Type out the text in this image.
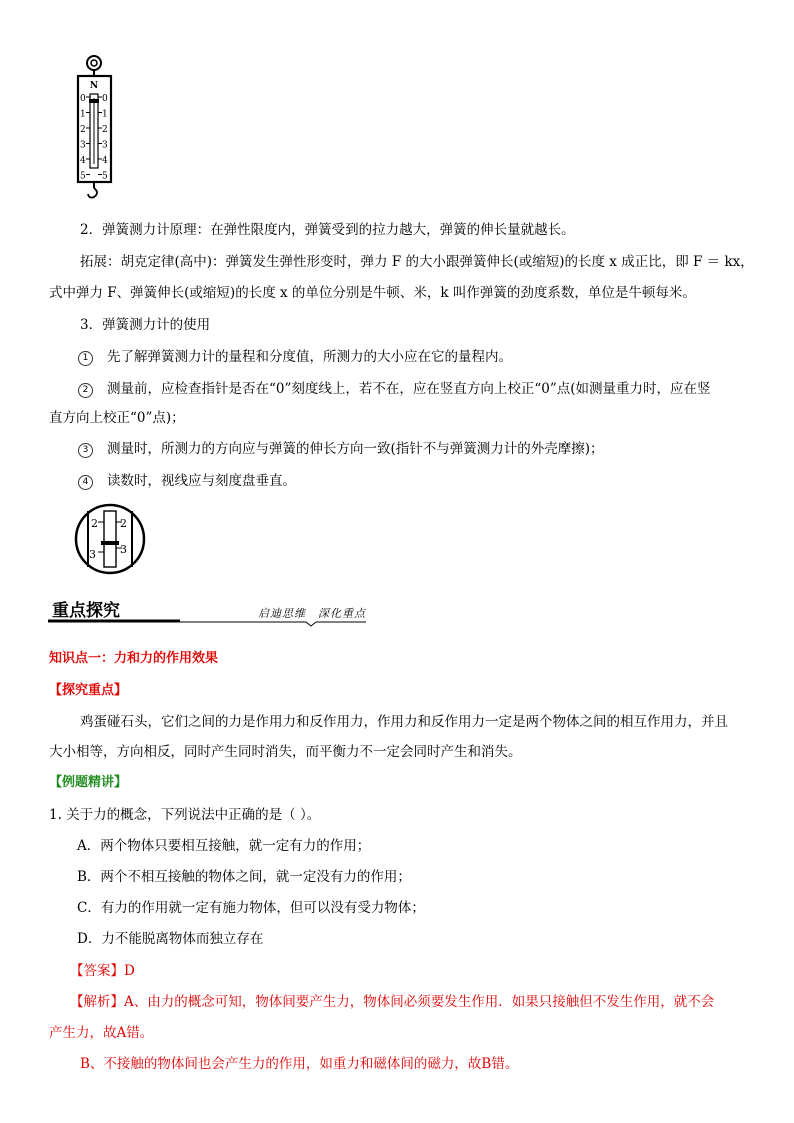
N
0 0
1 1
2 2
3 3
4 4
5 5
2．弹簧测力计原理：在弹性限度内，弹簧受到的拉力越大，弹簧的伸长量就越长。
拓展：胡克定律(高中)：弹簧发生弹性形变时，弹力 F 的大小跟弹簧伸长(或缩短)的长度 x 成正比，即 F ＝ kx，
式中弹力 F、弹簧伸长(或缩短)的长度 x 的单位分别是牛顿、米，k 叫作弹簧的劲度系数，单位是牛顿每米。
3．弹簧测力计的使用
1 先了解弹簧测力计的量程和分度值，所测力的大小应在它的量程内。
2 测量前，应检查指针是否在“0”刻度线上，若不在，应在竖直方向上校正“0”点(如测量重力时，应在竖
直方向上校正“0”点)；
3 测量时，所测力的方向应与弹簧的伸长方向一致(指针不与弹簧测力计的外壳摩擦)；
4 读数时，视线应与刻度盘垂直。
2
3
2
3
重点探究	启迪思维 深化重点
知识点一：力和力的作用效果
【探究重点】
鸡蛋碰石头，它们之间的力是作用力和反作用力，作用力和反作用力一定是两个物体之间的相互作用力，并且
大小相等，方向相反，同时产生同时消失，而平衡力不一定会同时产生和消失。
【例题精讲】
1. 关于力的概念，下列说法中正确的是（ ）。
A．两个物体只要相互接触，就一定有力的作用；
B．两个不相互接触的物体之间，就一定没有力的作用；
C．有力的作用就一定有施力物体，但可以没有受力物体；
D．力不能脱离物体而独立存在
【答案】D
【解析】A、由力的概念可知，物体间要产生力，物体间必须要发生作用．如果只接触但不发生作用，就不会
产生力，故A错。
B、不接触的物体间也会产生力的作用，如重力和磁体间的磁力，故B错。
